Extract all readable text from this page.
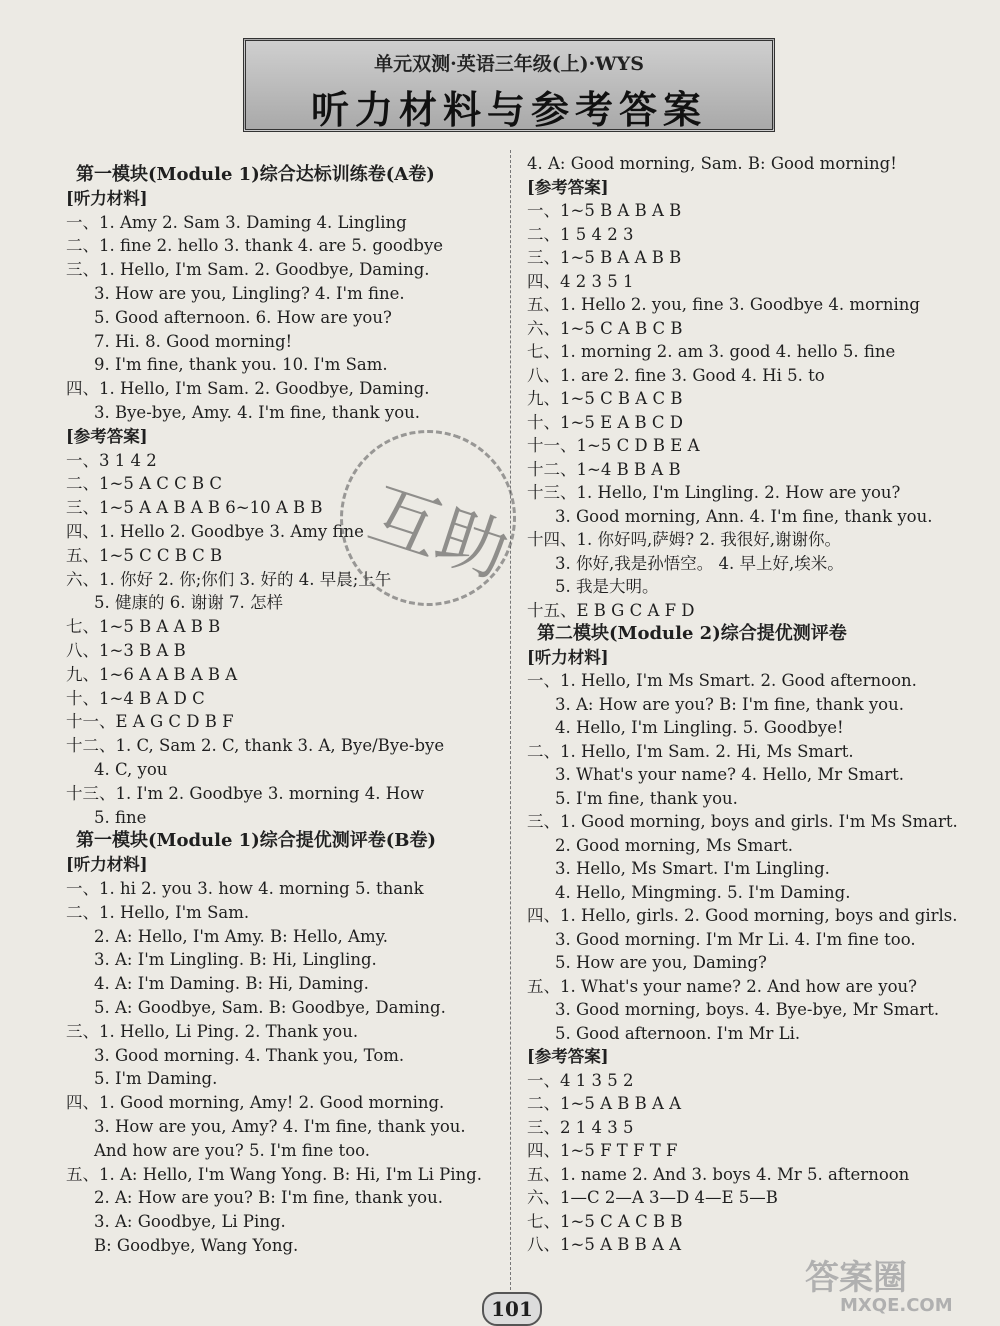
单元双测·英语三年级(上)·WYS
听力材料与参考答案
第一模块(Module 1)综合达标训练卷(A卷)
[听力材料]
一、1. Amy 2. Sam 3. Daming 4. Lingling
二、1. fine 2. hello 3. thank 4. are 5. goodbye
三、1. Hello, I'm Sam. 2. Goodbye, Daming.
3. How are you, Lingling? 4. I'm fine.
5. Good afternoon. 6. How are you?
7. Hi. 8. Good morning!
9. I'm fine, thank you. 10. I'm Sam.
四、1. Hello, I'm Sam. 2. Goodbye, Daming.
3. Bye-bye, Amy. 4. I'm fine, thank you.
[参考答案]
一、3 1 4 2
二、1~5 A C C B C
三、1~5 A A B A B 6~10 A B B
四、1. Hello 2. Goodbye 3. Amy fine
五、1~5 C C B C B
六、1. 你好 2. 你;你们 3. 好的 4. 早晨;上午
5. 健康的 6. 谢谢 7. 怎样
七、1~5 B A A B B
八、1~3 B A B
九、1~6 A A B A B A
十、1~4 B A D C
十一、E A G C D B F
十二、1. C, Sam 2. C, thank 3. A, Bye/Bye-bye
4. C, you
十三、1. I'm 2. Goodbye 3. morning 4. How
5. fine
第一模块(Module 1)综合提优测评卷(B卷)
[听力材料]
一、1. hi 2. you 3. how 4. morning 5. thank
二、1. Hello, I'm Sam.
2. A: Hello, I'm Amy. B: Hello, Amy.
3. A: I'm Lingling. B: Hi, Lingling.
4. A: I'm Daming. B: Hi, Daming.
5. A: Goodbye, Sam. B: Goodbye, Daming.
三、1. Hello, Li Ping. 2. Thank you.
3. Good morning. 4. Thank you, Tom.
5. I'm Daming.
四、1. Good morning, Amy! 2. Good morning.
3. How are you, Amy? 4. I'm fine, thank you.
And how are you? 5. I'm fine too.
五、1. A: Hello, I'm Wang Yong. B: Hi, I'm Li Ping.
2. A: How are you? B: I'm fine, thank you.
3. A: Goodbye, Li Ping.
B: Goodbye, Wang Yong.
4. A: Good morning, Sam. B: Good morning!
[参考答案]
一、1~5 B A B A B
二、1 5 4 2 3
三、1~5 B A A B B
四、4 2 3 5 1
五、1. Hello 2. you, fine 3. Goodbye 4. morning
六、1~5 C A B C B
七、1. morning 2. am 3. good 4. hello 5. fine
八、1. are 2. fine 3. Good 4. Hi 5. to
九、1~5 C B A C B
十、1~5 E A B C D
十一、1~5 C D B E A
十二、1~4 B B A B
十三、1. Hello, I'm Lingling. 2. How are you?
3. Good morning, Ann. 4. I'm fine, thank you.
十四、1. 你好吗,萨姆? 2. 我很好,谢谢你。
3. 你好,我是孙悟空。 4. 早上好,埃米。
5. 我是大明。
十五、E B G C A F D
第二模块(Module 2)综合提优测评卷
[听力材料]
一、1. Hello, I'm Ms Smart. 2. Good afternoon.
3. A: How are you? B: I'm fine, thank you.
4. Hello, I'm Lingling. 5. Goodbye!
二、1. Hello, I'm Sam. 2. Hi, Ms Smart.
3. What's your name? 4. Hello, Mr Smart.
5. I'm fine, thank you.
三、1. Good morning, boys and girls. I'm Ms Smart.
2. Good morning, Ms Smart.
3. Hello, Ms Smart. I'm Lingling.
4. Hello, Mingming. 5. I'm Daming.
四、1. Hello, girls. 2. Good morning, boys and girls.
3. Good morning. I'm Mr Li. 4. I'm fine too.
5. How are you, Daming?
五、1. What's your name? 2. And how are you?
3. Good morning, boys. 4. Bye-bye, Mr Smart.
5. Good afternoon. I'm Mr Li.
[参考答案]
一、4 1 3 5 2
二、1~5 A B B A A
三、2 1 4 3 5
四、1~5 F T F T F
五、1. name 2. And 3. boys 4. Mr 5. afternoon
六、1—C 2—A 3—D 4—E 5—B
七、1~5 C A C B B
八、1~5 A B B A A
互助
101
答案圈
MXQE.COM
